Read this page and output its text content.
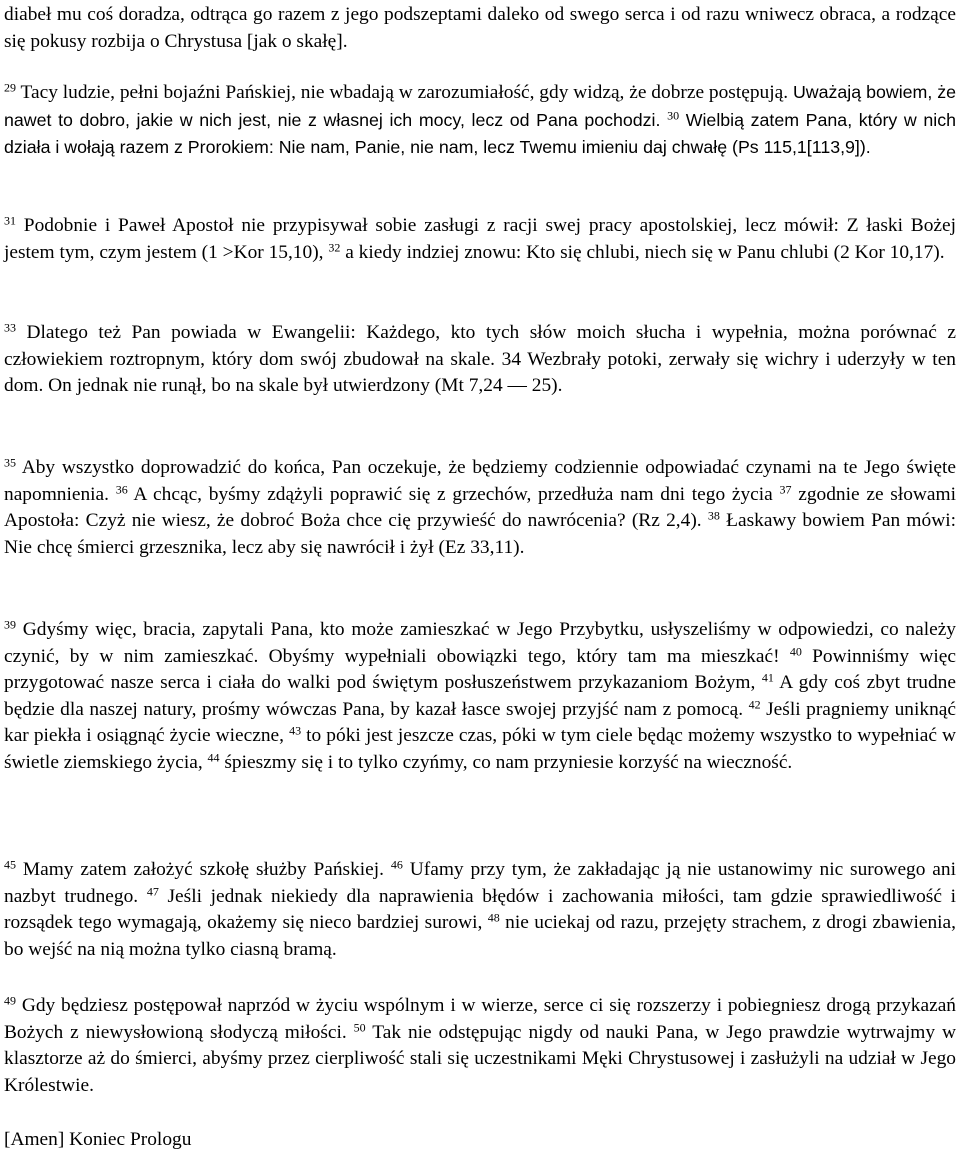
diabeł mu coś doradza, odtrąca go razem z jego podszeptami daleko od swego serca i od razu wniwecz obraca, a rodzące się pokusy rozbija o Chrystusa [jak o skałę].

$^{29}$ Tacy ludzie, pełni bojaźni Pańskiej, nie wbadają w zarozumiałość, gdy widzą, że dobrze postępują. Uważają bowiem, że nawet to dobro, jakie w nich jest, nie z własnej ich mocy, lecz od Pana pochodzi. $^{30}$ Wielbią zatem Pana, który w nich działa i wołają razem z Prorokiem: Nie nam, Panie, nie nam, lecz Twemu imieniu daj chwałę (Ps 115,1[113,9]).

$^{31}$ Podobnie i Paweł Apostoł nie przypisywał sobie zasługi z racji swej pracy apostolskiej, lecz mówił: Z łaski Bożej jestem tym, czym jestem (1 >Kor 15,10), $^{32}$ a kiedy indziej znowu: Kto się chlubi, niech się w Panu chlubi (2 Kor 10,17).

$^{33}$ Dlatego też Pan powiada w Ewangelii: Każdego, kto tych słów moich słucha i wypełnia, można porównać z człowiekiem roztropnym, który dom swój zbudował na skale. 34 Wezbrały potoki, zerwały się wichry i uderzyły w ten dom. On jednak nie runął, bo na skale był utwierdzony (Mt 7,24 — 25).

$^{35}$ Aby wszystko doprowadzić do końca, Pan oczekuje, że będziemy codziennie odpowiadać czynami na te Jego święte napomnienia. $^{36}$ A chcąc, byśmy zdążyli poprawić się z grzechów, przedłuża nam dni tego życia $^{37}$ zgodnie ze słowami Apostoła: Czyż nie wiesz, że dobroć Boża chce cię przywieść do nawrócenia? (Rz 2,4). $^{38}$ Łaskawy bowiem Pan mówi: Nie chcę śmierci grzesznika, lecz aby się nawrócił i żył (Ez 33,11).

$^{39}$ Gdyśmy więc, bracia, zapytali Pana, kto może zamieszkać w Jego Przybytku, usłyszeliśmy w odpowiedzi, co należy czynić, by w nim zamieszkać. Obyśmy wypełniali obowiązki tego, który tam ma mieszkać! $^{40}$ Powinniśmy więc przygotować nasze serca i ciała do walki pod świętym posłuszeństwem przykazaniom Bożym, $^{41}$ A gdy coś zbyt trudne będzie dla naszej natury, prośmy wówczas Pana, by kazał łasce swojej przyjść nam z pomocą. $^{42}$ Jeśli pragniemy uniknąć kar piekła i osiągnąć życie wieczne, $^{43}$ to póki jest jeszcze czas, póki w tym ciele będąc możemy wszystko to wypełniać w świetle ziemskiego życia, $^{44}$ śpieszmy się i to tylko czyńmy, co nam przyniesie korzyść na wieczność.

$^{45}$ Mamy zatem założyć szkołę służby Pańskiej. $^{46}$ Ufamy przy tym, że zakładając ją nie ustanowimy nic surowego ani nazbyt trudnego. $^{47}$ Jeśli jednak niekiedy dla naprawienia błędów i zachowania miłości, tam gdzie sprawiedliwość i rozsądek tego wymagają, okażemy się nieco bardziej surowi, $^{48}$ nie uciekaj od razu, przejęty strachem, z drogi zbawienia, bo wejść na nią można tylko ciasną bramą.

$^{49}$ Gdy będziesz postępował naprzód w życiu wspólnym i w wierze, serce ci się rozszerzy i pobiegniesz drogą przykazań Bożych z niewysłowioną słodyczą miłości. $^{50}$ Tak nie odstępując nigdy od nauki Pana, w Jego prawdzie wytrwajmy w klasztorze aż do śmierci, abyśmy przez cierpliwość stali się uczestnikami Męki Chrystusowej i zasłużyli na udział w Jego Królestwie.

[Amen] Koniec Prologu
